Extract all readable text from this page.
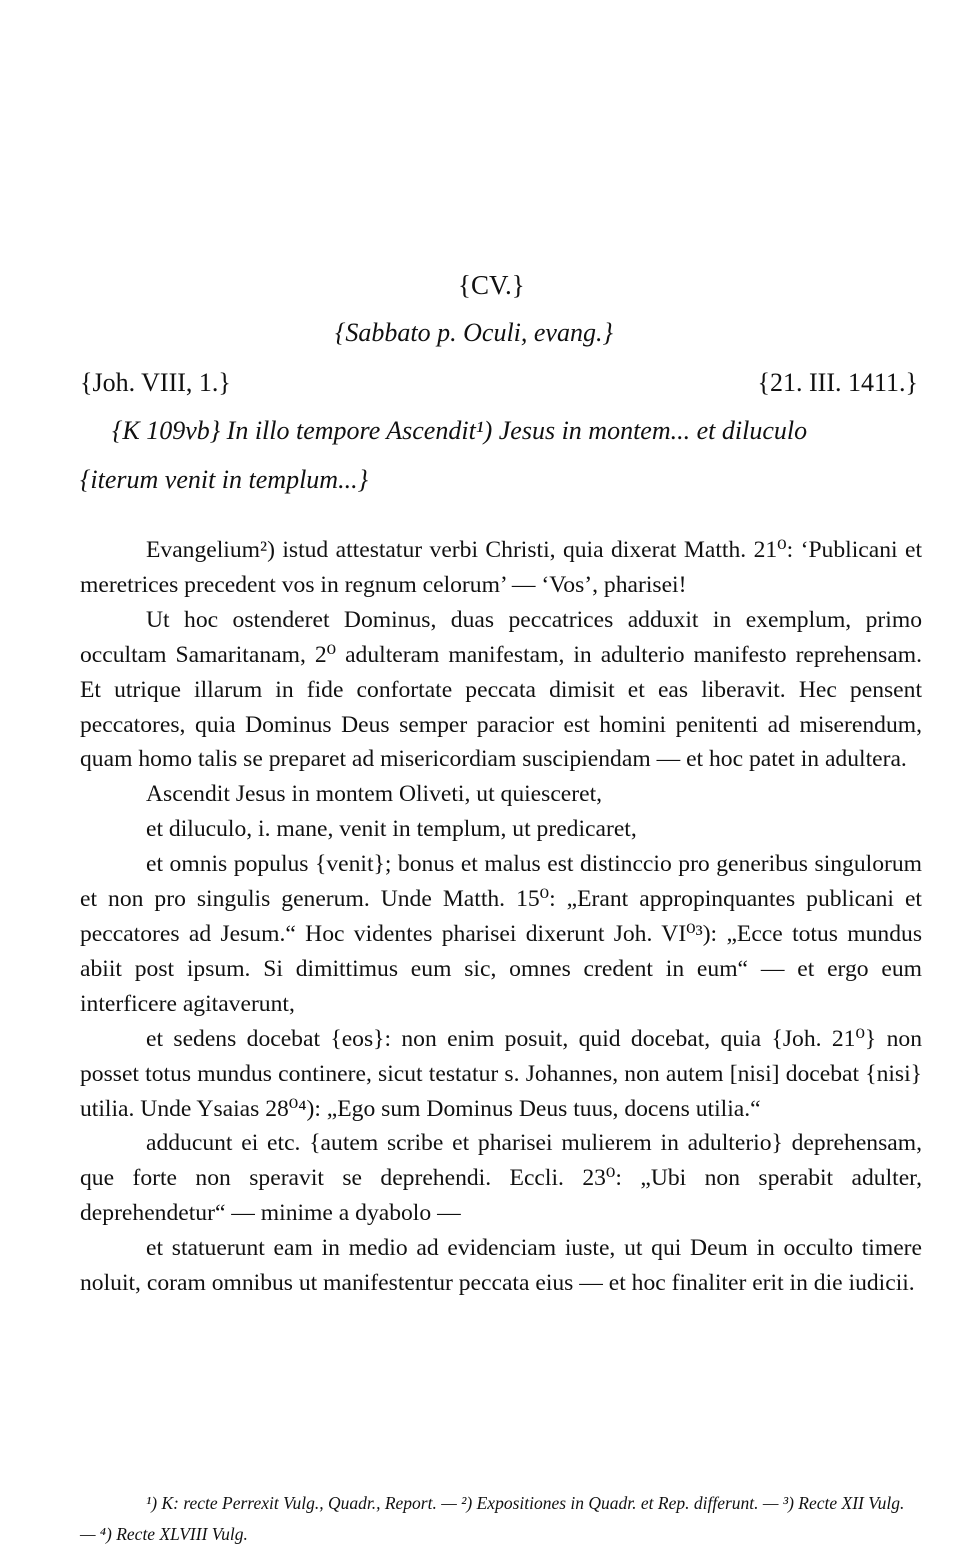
{CV.}
{Sabbato p. Oculi, evang.}
{Joh. VIII, 1.}	{21. III. 1411.}
{K 109vb} In illo tempore Ascendit¹) Jesus in montem... et diluculo
{iterum venit in templum...}

Evangelium²) istud attestatur verbi Christi, quia dixerat Matth. 21⁰: ‘Publicani et meretrices precedent vos in regnum celorum’ — ‘Vos’, pharisei!

Ut hoc ostenderet Dominus, duas peccatrices adduxit in exemplum, primo occultam Samaritanam, 2⁰ adulteram manifestam, in adulterio manifesto reprehensam. Et utrique illarum in fide confortate peccata dimisit et eas liberavit. Hec pensent peccatores, quia Dominus Deus semper paracior est homini penitenti ad miserendum, quam homo talis se preparet ad misericordiam suscipiendam — et hoc patet in adultera.

Ascendit Jesus in montem Oliveti, ut quiesceret,

et diluculo, i. mane, venit in templum, ut predicaret,

et omnis populus {venit}; bonus et malus est distinccio pro generibus singulorum et non pro singulis generum. Unde Matth. 15⁰: „Erant appropinquantes publicani et peccatores ad Jesum.“ Hoc videntes pharisei dixerunt Joh. VI⁰³): „Ecce totus mundus abiit post ipsum. Si dimittimus eum sic, omnes credent in eum“ — et ergo eum interficere agitaverunt,

et sedens docebat {eos}: non enim posuit, quid docebat, quia {Joh. 21⁰} non posset totus mundus continere, sicut testatur s. Johannes, non autem [nisi] docebat {nisi} utilia. Unde Ysaias 28⁰⁴): „Ego sum Dominus Deus tuus, docens utilia.“

adducunt ei etc. {autem scribe et pharisei mulierem in adulterio} deprehensam, que forte non speravit se deprehendi. Eccli. 23⁰: „Ubi non sperabit adulter, deprehendetur“ — minime a dyabolo —

et statuerunt eam in medio ad evidenciam iuste, ut qui Deum in occulto timere noluit, coram omnibus ut manifestentur peccata eius — et hoc finaliter erit in die iudicii.

¹) K: recte Perrexit Vulg., Quadr., Report. — ²) Expositiones in Quadr. et Rep. differunt. — ³) Recte XII Vulg. — ⁴) Recte XLVIII Vulg.
